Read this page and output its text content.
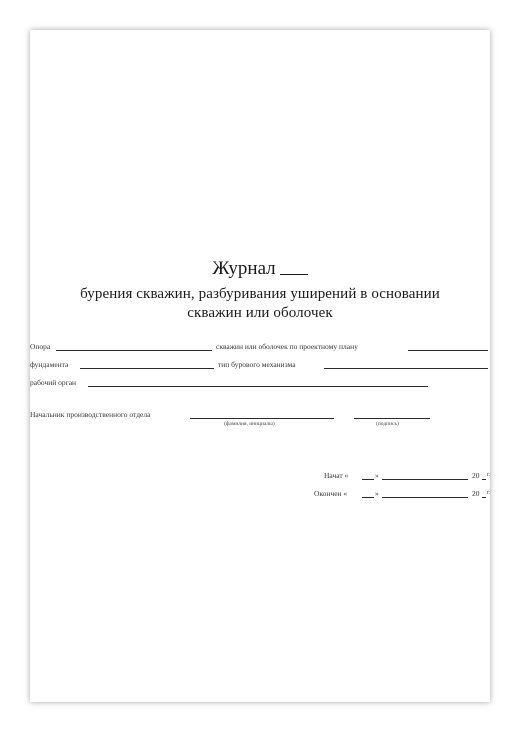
Журнал
бурения скважин, разбуривания уширений в основании
скважин или оболочек
Опора	скважин или оболочек по проектному плану
фундамента	тип бурового механизма
рабочий орган
Начальник производственного отдела
(фамилия, инициалы)	(подпись)
Начат «	»	20 г.
Окончен «	»	20 г.
